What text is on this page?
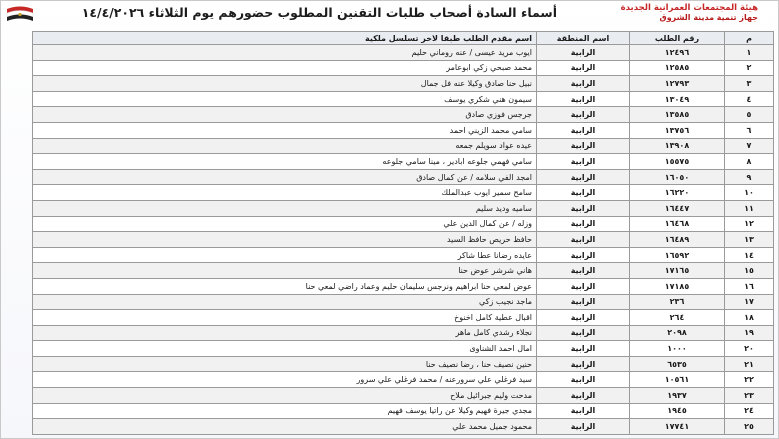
أسماء السادة أصحاب طلبات التقنين المطلوب حضورهم يوم الثلاثاء ١٤/٤/٢٠٢٦	هيئة المجتمعات العمرانية الجديدة
جهاز تنمية مدينة الشروق
م	رقم الطلب	اسم المنطقة	اسم مقدم الطلب طبقا لاخر تسلسل ملكية
١	١٢٤٩٦	الرابية	ايوب مريد عيسى / عنه روماني حليم
٢	١٢٥٨٥	الرابية	محمد صبحي زكي ابوعامر
٣	١٢٧٩٣	الرابية	نبيل حنا صادق وكيلا عنه فل جمال
٤	١٣٠٤٩	الرابية	سيمون هني شكري يوسف
٥	١٣٥٨٥	الرابية	جرجس فوزي صادق
٦	١٣٧٥٦	الرابية	سامي محمد الزيني احمد
٧	١٣٩٠٨	الرابية	عيده عواد سويلم جمعه
٨	١٥٥٧٥	الرابية	سامي فهمي جلوعه ابادير ، مينا سامي جلوعه
٩	١٦٠٥٠	الرابية	امجد الفي سلامه / عن كمال صادق
١٠	١٦٢٢٠	الرابية	سامح سمير ايوب عبدالملك
١١	١٦٤٤٧	الرابية	ساميه وديد سليم
١٢	١٦٤٦٨	الرابية	وزله / عن كمال الدين علي
١٣	١٦٤٨٩	الرابية	حافظ حريص حافظ السيد
١٤	١٦٥٩٢	الرابية	عايده رضانا عطا شاكر
١٥	١٧١٦٥	الرابية	هاني شرشر عوض حنا
١٦	١٧١٨٥	الرابية	عوض لمعي حنا ابراهيم ونرجس سليمان حليم وعماد راضي لمعي حنا
١٧	٢٣٦	الرابية	ماجد نجيب زكي
١٨	٢٦٤	الرابية	اقبال عطية كامل اخنوخ
١٩	٢٠٩٨	الرابية	نجلاء رشدي كامل ماهر
٢٠	١٠٠٠	الرابية	امال احمد الشناوى
٢١	٦٥٣٥	الرابية	حنين نصيف حنا ، رضا نصيف حنا
٢٢	١٠٥٦١	الرابية	سيد فرغلي علي سرورعنه / محمد فرغلي علي سرور
٢٣	١٩٣٧	الرابية	مدحت وليم جبرائيل ملاح
٢٤	١٩٤٥	الرابية	مجدي جيرة فهيم وكيلا عن راتيا يوسف فهيم
٢٥	١٧٧٤١	الرابية	محمود جميل محمد علي
